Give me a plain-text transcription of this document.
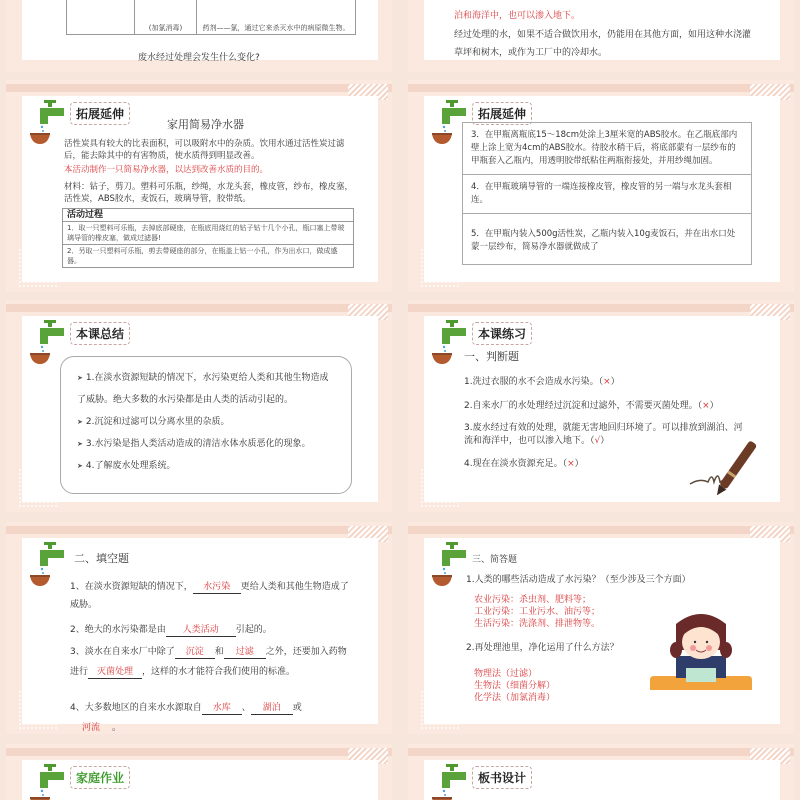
	(加氯消毒)	药剂——氯，通过它来杀灭水中的病原微生物。
废水经过处理会发生什么变化?
泊和海洋中，也可以渗入地下。
经过处理的水，如果不适合做饮用水，仍能用在其他方面，如用这种水浇灌草坪和树木，或作为工厂中的冷却水。
拓展延伸
家用简易净水器
活性炭具有较大的比表面积，可以吸附水中的杂质。饮用水通过活性炭过滤后，能去除其中的有害物质，使水质得到明显改善。
本活动制作一只简易净水器，以达到改善水质的目的。
材料：钻子，剪刀。塑料可乐瓶，纱绳，水龙头套，橡皮管，纱布，橡皮塞，活性炭，ABS胶水，麦饭石，玻璃导管，胶带纸。
活动过程
1．取一只塑料可乐瓶，去掉底部硬座，在瓶底用烧红的钻子钻十几个小孔，瓶口塞上带玻璃导管的橡皮塞，做成过滤器!
2．另取一只塑料可乐瓶，剪去带硬座的部分，在瓶盖上钻一小孔，作为出水口，做成盛器。
拓展延伸
3．在甲瓶离瓶底15～18cm处涂上3厘米宽的ABS胶水。在乙瓶底部内壁上涂上宽为4cm的ABS胶水。待胶水稍干后，将底部蒙有一层纱布的甲瓶套入乙瓶内，用透明胶带纸粘住两瓶衔接处，并用纱绳加固。
4．在甲瓶玻璃导管的一端连接橡皮管，橡皮管的另一端与水龙头套相连。
5．在甲瓶内装入500g活性炭，乙瓶内装入10g麦饭石，并在出水口处蒙一层纱布，简易净水器就做成了
本课总结
➤ 1.在淡水资源短缺的情况下，水污染更给人类和其他生物造成了威胁。绝大多数的水污染都是由人类的活动引起的。
➤ 2.沉淀和过滤可以分离水里的杂质。
➤ 3.水污染是指人类活动造成的清洁水体水质恶化的现象。
➤ 4.了解废水处理系统。
本课练习
一、判断题
1.洗过衣服的水不会造成水污染。（×）
2.自来水厂的水处理经过沉淀和过滤外，不需要灭菌处理。（×）
3.废水经过有效的处理，就能无害地回归环境了。可以排放到湖泊、河流和海洋中，也可以渗入地下。（√）
4.现在在淡水资源充足。（×）
二、填空题
1、在淡水资源短缺的情况下， 水污染 更给人类和其他生物造成了威胁。
2、绝大的水污染都是由 人类活动 引起的。
3、淡水在自来水厂中除了 沉淀 和 过滤 之外，还要加入药物进行 灭菌处理 ，这样的水才能符合我们使用的标准。
4、大多数地区的自来水水源取自 水库 、 湖泊 或
河流 。
三、简答题
1.人类的哪些活动造成了水污染？（至少涉及三个方面）
农业污染：杀虫剂、肥料等；
工业污染：工业污水、油污等；
生活污染：洗涤剂、排泄物等。
2.再处理池里，净化运用了什么方法？
物理法（过滤）
生物法（细菌分解）
化学法（加氯消毒）
家庭作业	板书设计
